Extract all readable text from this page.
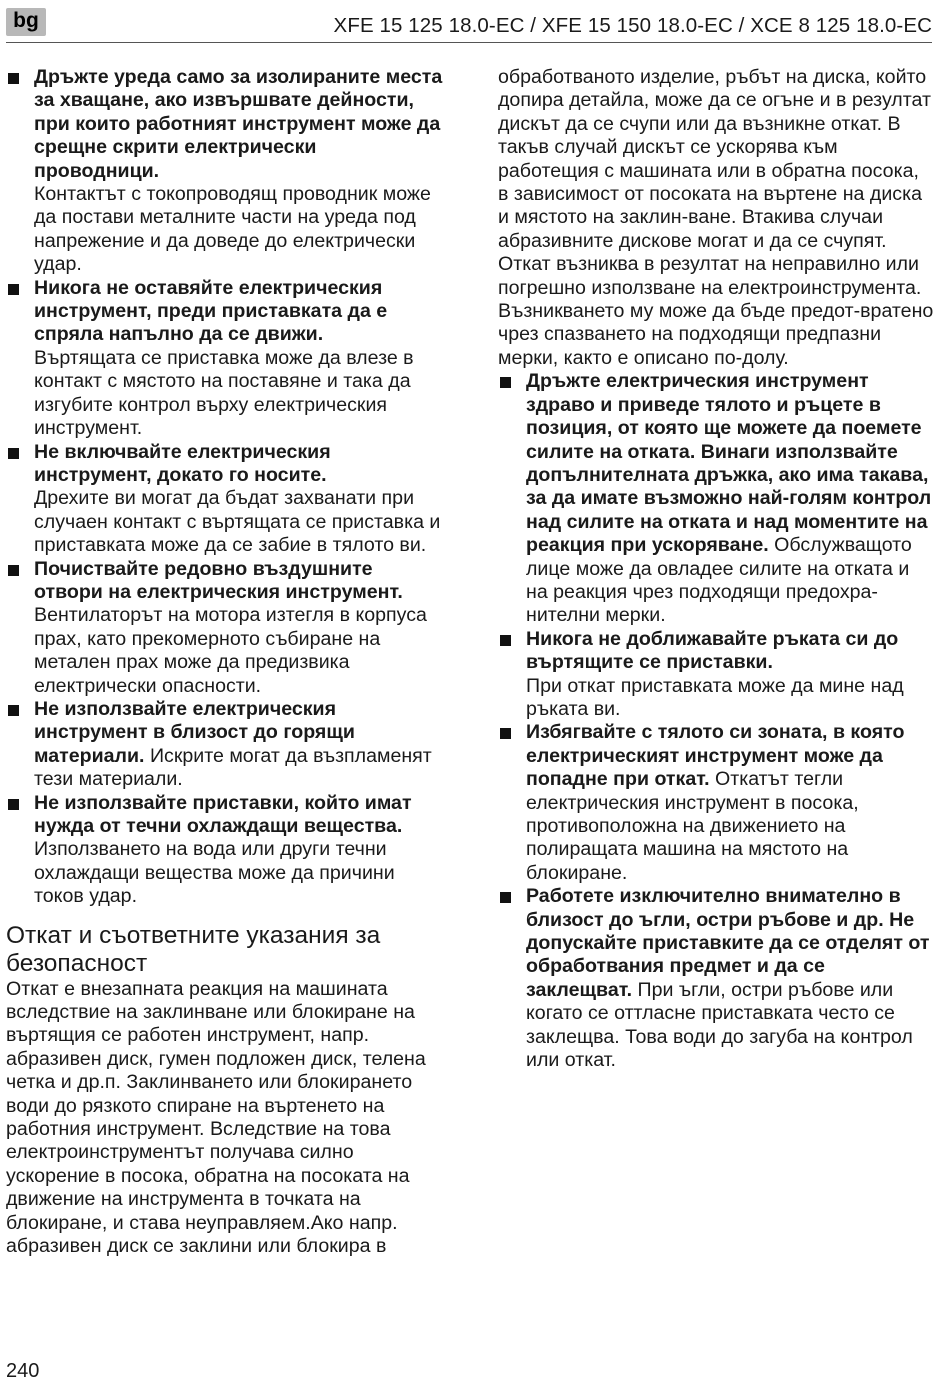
bg	XFE 15 125 18.0-EC / XFE 15 150 18.0-EC / XCE 8 125 18.0-EC
Дръжте уреда само за изолираните места за хващане, ако извършвате дейности, при които работният инструмент може да срещне скрити електрически проводници.
Контактът с токопроводящ проводник може да постави металните части на уреда под напрежение и да доведе до електрически удар.
Никога не оставяйте електрическия инструмент, преди приставката да е спряла напълно да се движи.
Въртящата се приставка може да влезе в контакт с мястото на поставяне и така да изгубите контрол върху електрическия инструмент.
Не включвайте електрическия инструмент, докато го носите.
Дрехите ви могат да бъдат захванати при случаен контакт с въртящата се приставка и приставката може да се забие в тялото ви.
Почиствайте редовно въздушните отвори на електрическия инструмент.
Вентилаторът на мотора изтегля в корпуса прах, като прекомерното събиране на метален прах може да предизвика електрически опасности.
Не използвайте електрическия инструмент в близост до горящи материали. Искрите могат да възпламенят тези материали.
Не използвайте приставки, който имат нужда от течни охлаждащи вещества.
Използването на вода или други течни охлаждащи вещества може да причини токов удар.
Откат и съответните указания за безопасност

Откат е внезапната реакция на машината вследствие на заклинване или блокиране на въртящия се работен инструмент, напр. абразивен диск, гумен подложен диск, телена четка и др.п. Заклинването или блокирането води до рязкото спиране на въртенето на работния инструмент. Вследствие на това електроинструментът получава силно ускорение в посока, обратна на посоката на движение на инструмента в точката на блокиране, и става неуправляем.Ако напр. абразивен диск се заклини или блокира в

обработваното изделие, ръбът на диска, който допира детайла, може да се огъне и в резултат дискът да се счупи или да възникне откат. В такъв случай дискът се ускорява към работещия с машината или в обратна посока, в зависимост от посоката на въртене на диска и мястото на заклин-ване. Втакива случаи абразивните дискове могат и да се счупят. Откат възниква в резултат на неправилно или погрешно използване на електроинструмента. Възникването му може да бъде предот-вратено чрез спазването на подходящи предпазни мерки, както е описано по-долу.

Дръжте електрическия инструмент здраво и приведе тялото и ръцете в позиция, от която ще можете да поемете силите на отката. Винаги използвайте допълнителната дръжка, ако има такава, за да имате възможно най-голям контрол над силите на отката и над моментите на реакция при ускоряване. Обслужващото лице може да овладее силите на отката и на реакция чрез подходящи предохра-нителни мерки.
Никога не доближавайте ръката си до въртящите се приставки.
При откат приставката може да мине над ръката ви.
Избягвайте с тялото си зоната, в която електрическият инструмент може да попадне при откат. Откатът тегли електрическия инструмент в посока, противоположна на движението на полиращата машина на мястото на блокиране.
Работете изключително внимателно в близост до ъгли, остри ръбове и др. Не допускайте приставките да се отделят от обработвания предмет и да се заклещват. При ъгли, остри ръбове или когато се оттласне приставката често се заклещва. Това води до загуба на контрол или откат.
240
